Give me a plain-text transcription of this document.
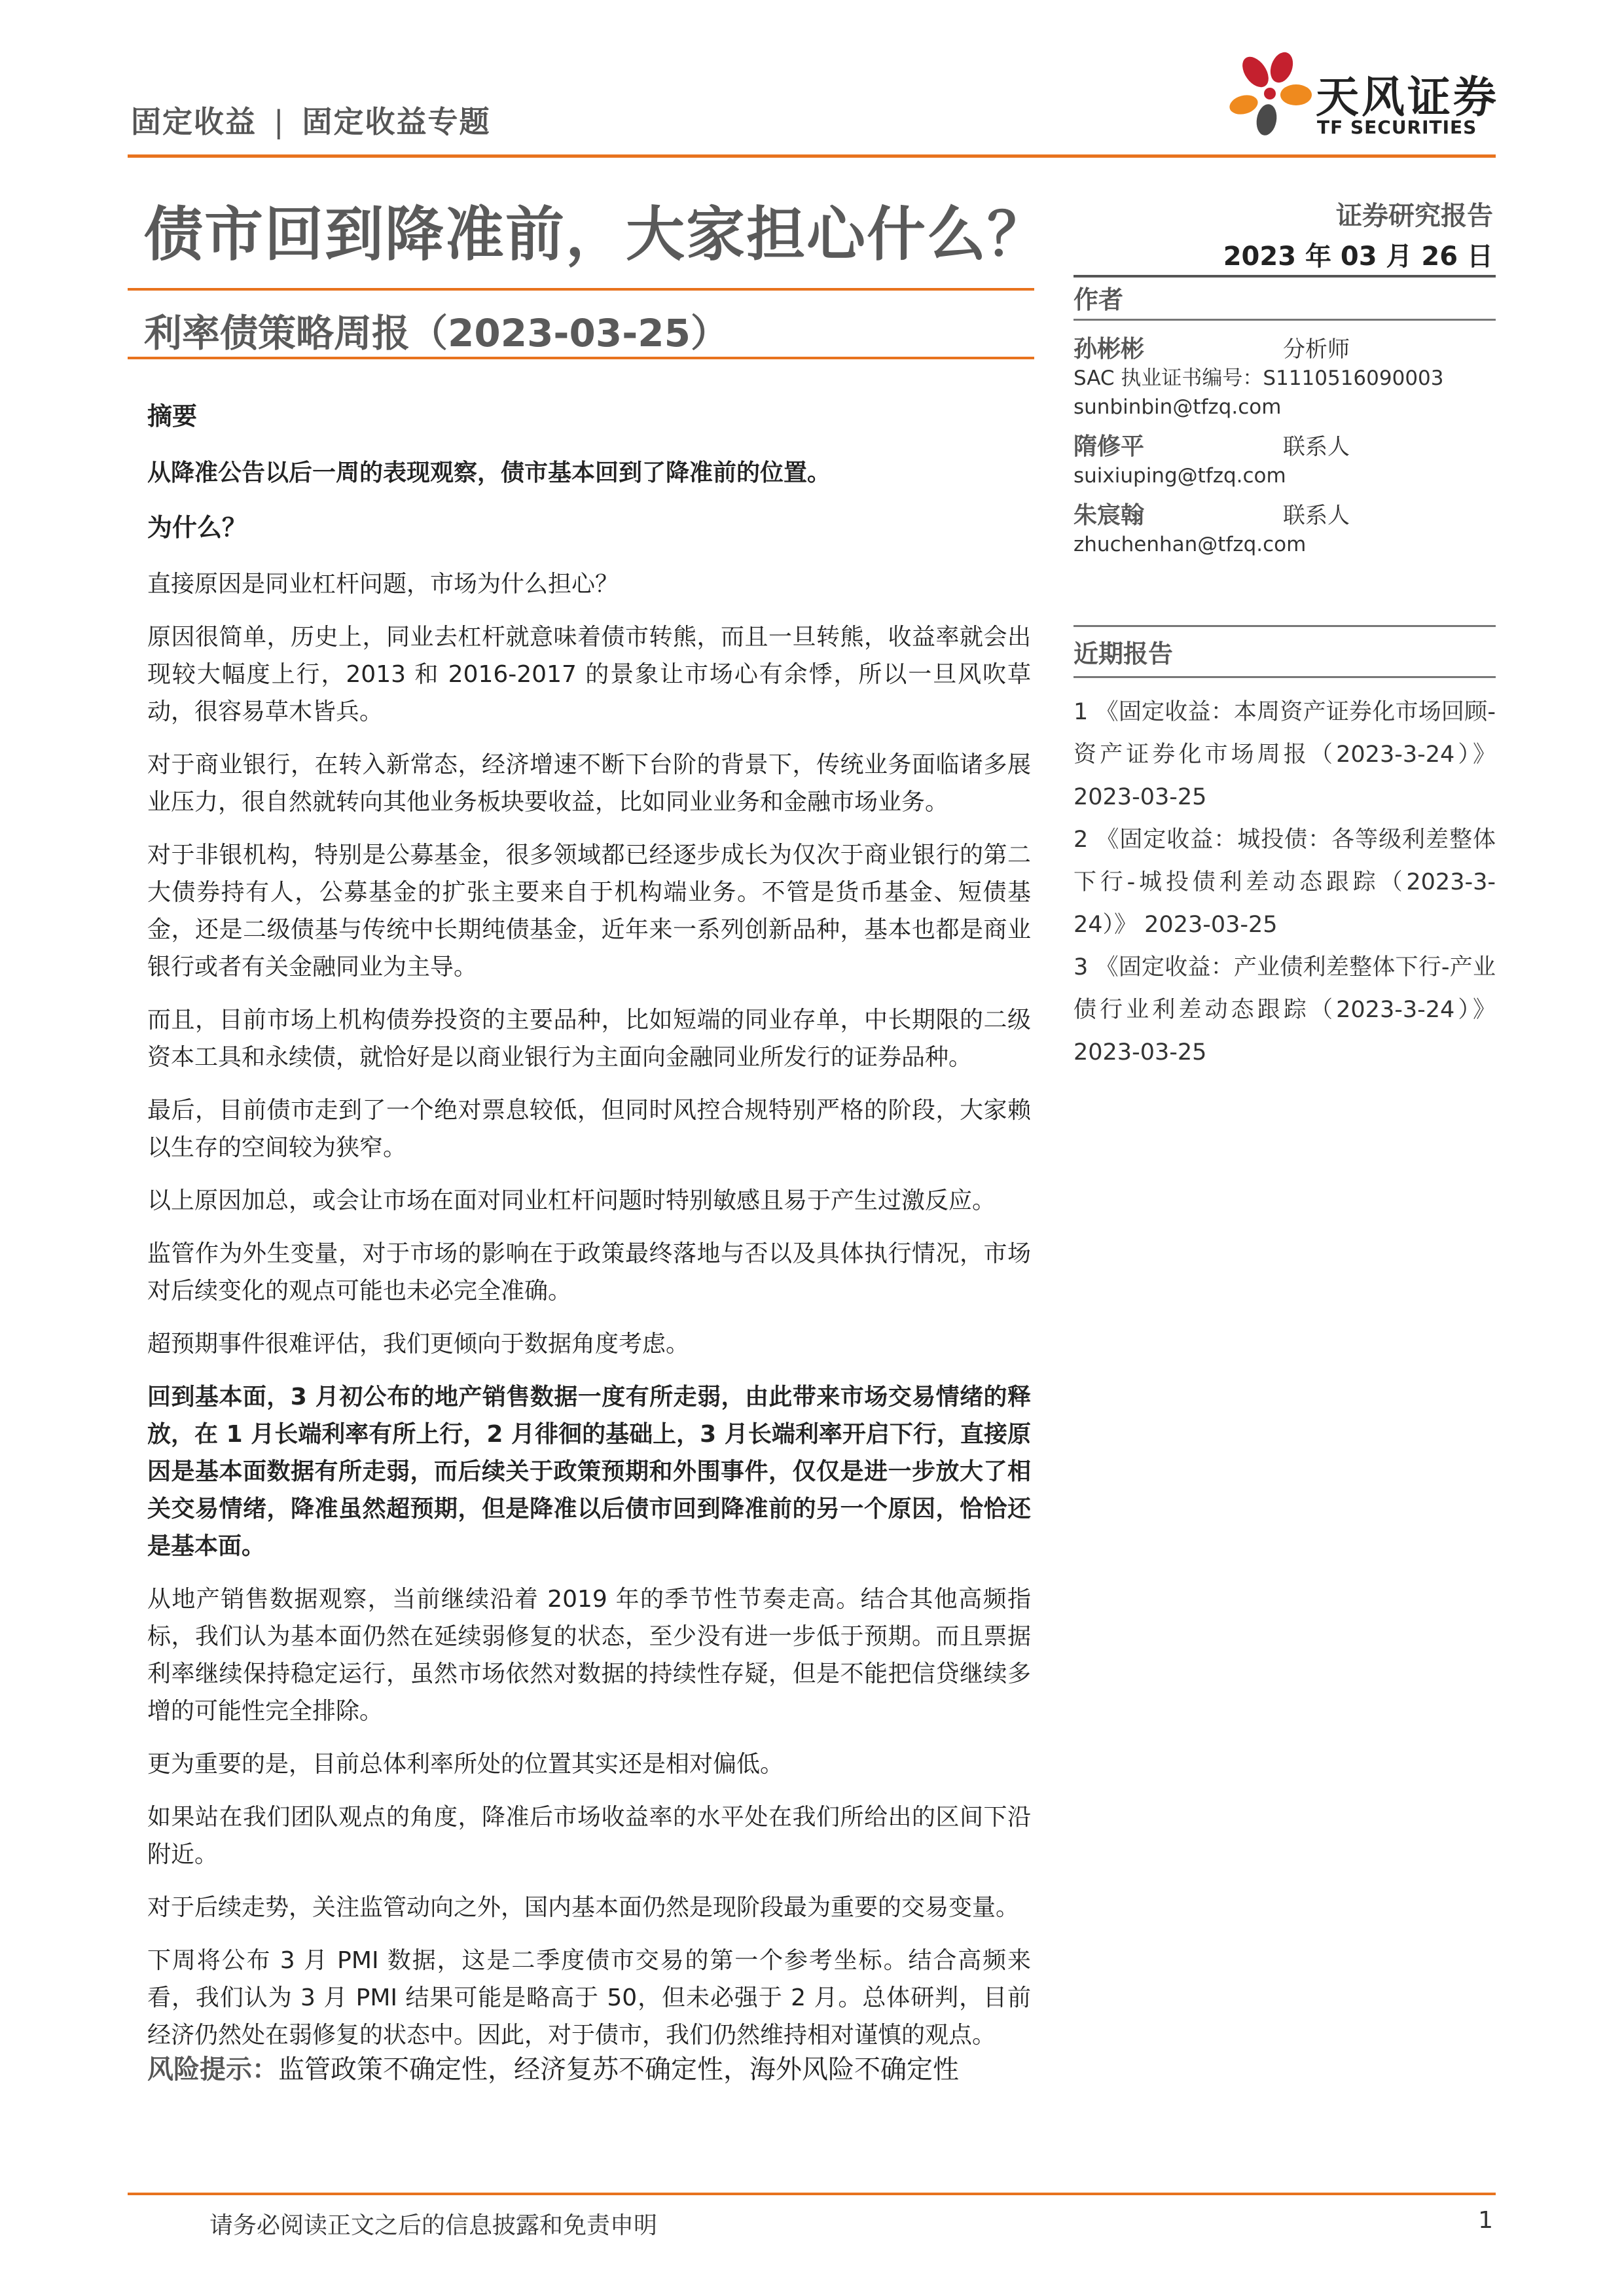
固定收益 | 固定收益专题	天风证券
TF SECURITIES
债市回到降准前，大家担心什么？
利率债策略周报（2023-03-25）
证券研究报告
2023 年 03 月 26 日
作者
孙彬彬	分析师
SAC 执业证书编号：S1110516090003
sunbinbin@tfzq.com
隋修平	联系人
suixiuping@tfzq.com
朱宸翰	联系人
zhuchenhan@tfzq.com
近期报告
1 《固定收益：本周资产证券化市场回顾-资产证券化市场周报（2023-3-24）》 2023-03-25
2 《固定收益：城投债：各等级利差整体下行-城投债利差动态跟踪（2023-3-24）》 2023-03-25
3 《固定收益：产业债利差整体下行-产业债行业利差动态跟踪（2023-3-24）》 2023-03-25
摘要

从降准公告以后一周的表现观察，债市基本回到了降准前的位置。

为什么？

直接原因是同业杠杆问题，市场为什么担心？

原因很简单，历史上，同业去杠杆就意味着债市转熊，而且一旦转熊，收益率就会出现较大幅度上行，2013 和 2016-2017 的景象让市场心有余悸，所以一旦风吹草动，很容易草木皆兵。

对于商业银行，在转入新常态，经济增速不断下台阶的背景下，传统业务面临诸多展业压力，很自然就转向其他业务板块要收益，比如同业业务和金融市场业务。

对于非银机构，特别是公募基金，很多领域都已经逐步成长为仅次于商业银行的第二大债券持有人，公募基金的扩张主要来自于机构端业务。不管是货币基金、短债基金，还是二级债基与传统中长期纯债基金，近年来一系列创新品种，基本也都是商业银行或者有关金融同业为主导。

而且，目前市场上机构债券投资的主要品种，比如短端的同业存单，中长期限的二级资本工具和永续债，就恰好是以商业银行为主面向金融同业所发行的证券品种。

最后，目前债市走到了一个绝对票息较低，但同时风控合规特别严格的阶段，大家赖以生存的空间较为狭窄。

以上原因加总，或会让市场在面对同业杠杆问题时特别敏感且易于产生过激反应。

监管作为外生变量，对于市场的影响在于政策最终落地与否以及具体执行情况，市场对后续变化的观点可能也未必完全准确。

超预期事件很难评估，我们更倾向于数据角度考虑。

回到基本面，3 月初公布的地产销售数据一度有所走弱，由此带来市场交易情绪的释放，在 1 月长端利率有所上行，2 月徘徊的基础上，3 月长端利率开启下行，直接原因是基本面数据有所走弱，而后续关于政策预期和外围事件，仅仅是进一步放大了相关交易情绪，降准虽然超预期，但是降准以后债市回到降准前的另一个原因，恰恰还是基本面。

从地产销售数据观察，当前继续沿着 2019 年的季节性节奏走高。结合其他高频指标，我们认为基本面仍然在延续弱修复的状态，至少没有进一步低于预期。而且票据利率继续保持稳定运行，虽然市场依然对数据的持续性存疑，但是不能把信贷继续多增的可能性完全排除。

更为重要的是，目前总体利率所处的位置其实还是相对偏低。

如果站在我们团队观点的角度，降准后市场收益率的水平处在我们所给出的区间下沿附近。

对于后续走势，关注监管动向之外，国内基本面仍然是现阶段最为重要的交易变量。

下周将公布 3 月 PMI 数据，这是二季度债市交易的第一个参考坐标。结合高频来看，我们认为 3 月 PMI 结果可能是略高于 50，但未必强于 2 月。总体研判，目前经济仍然处在弱修复的状态中。因此，对于债市，我们仍然维持相对谨慎的观点。

风险提示：监管政策不确定性，经济复苏不确定性，海外风险不确定性
请务必阅读正文之后的信息披露和免责申明	1
